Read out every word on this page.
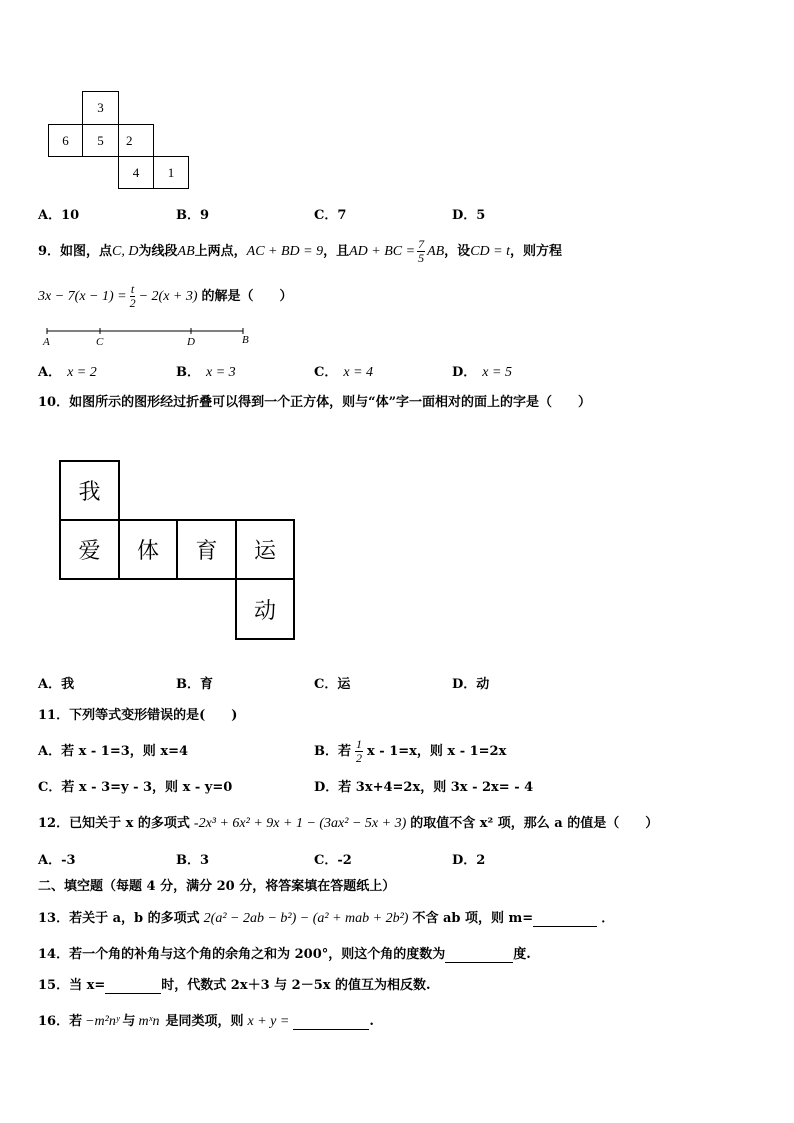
3
6	5	2
4	1
A．10	B．9	C．7	D．5
9．如图，点 C, D 为线段 AB 上两点， AC + BD = 9 ，且 AD + BC = $\frac{7}{5}$ AB ，设 CD = t ，则方程
$3x - 7(x - 1) = \frac{t}{2} - 2(x + 3)$ 的解是（　　）
A	C	D	B
A． x = 2	B． x = 3	C． x = 4	D． x = 5
10．如图所示的图形经过折叠可以得到一个正方体，则与“体”字一面相对的面上的字是（　　）
我
爱	体	育	运
动
A．我	B．育	C．运	D．动
11．下列等式变形错误的是(　　)
A．若 x - 1=3，则 x=4	B．若 $\frac{1}{2}$ x - 1=x，则 x - 1=2x
C．若 x - 3=y - 3，则 x - y=0	D．若 3x+4=2x，则 3x - 2x= - 4
12．已知关于 x 的多项式 -2x³ + 6x² + 9x + 1 − (3ax² − 5x + 3) 的取值不含 x² 项，那么 a 的值是（　　）
A．-3	B．3	C．-2	D．2
二、填空题（每题 4 分，满分 20 分，将答案填在答题纸上）
13．若关于 a，b 的多项式 2(a² − 2ab − b²) − (a² + mab + 2b²) 不含 ab 项，则 m=	．
14．若一个角的补角与这个角的余角之和为 200°，则这个角的度数为	度.
15．当 x=	时，代数式 2x＋3 与 2－5x 的值互为相反数.
16．若 −m²nʸ 与 mˣn 是同类项，则 x + y =	.
